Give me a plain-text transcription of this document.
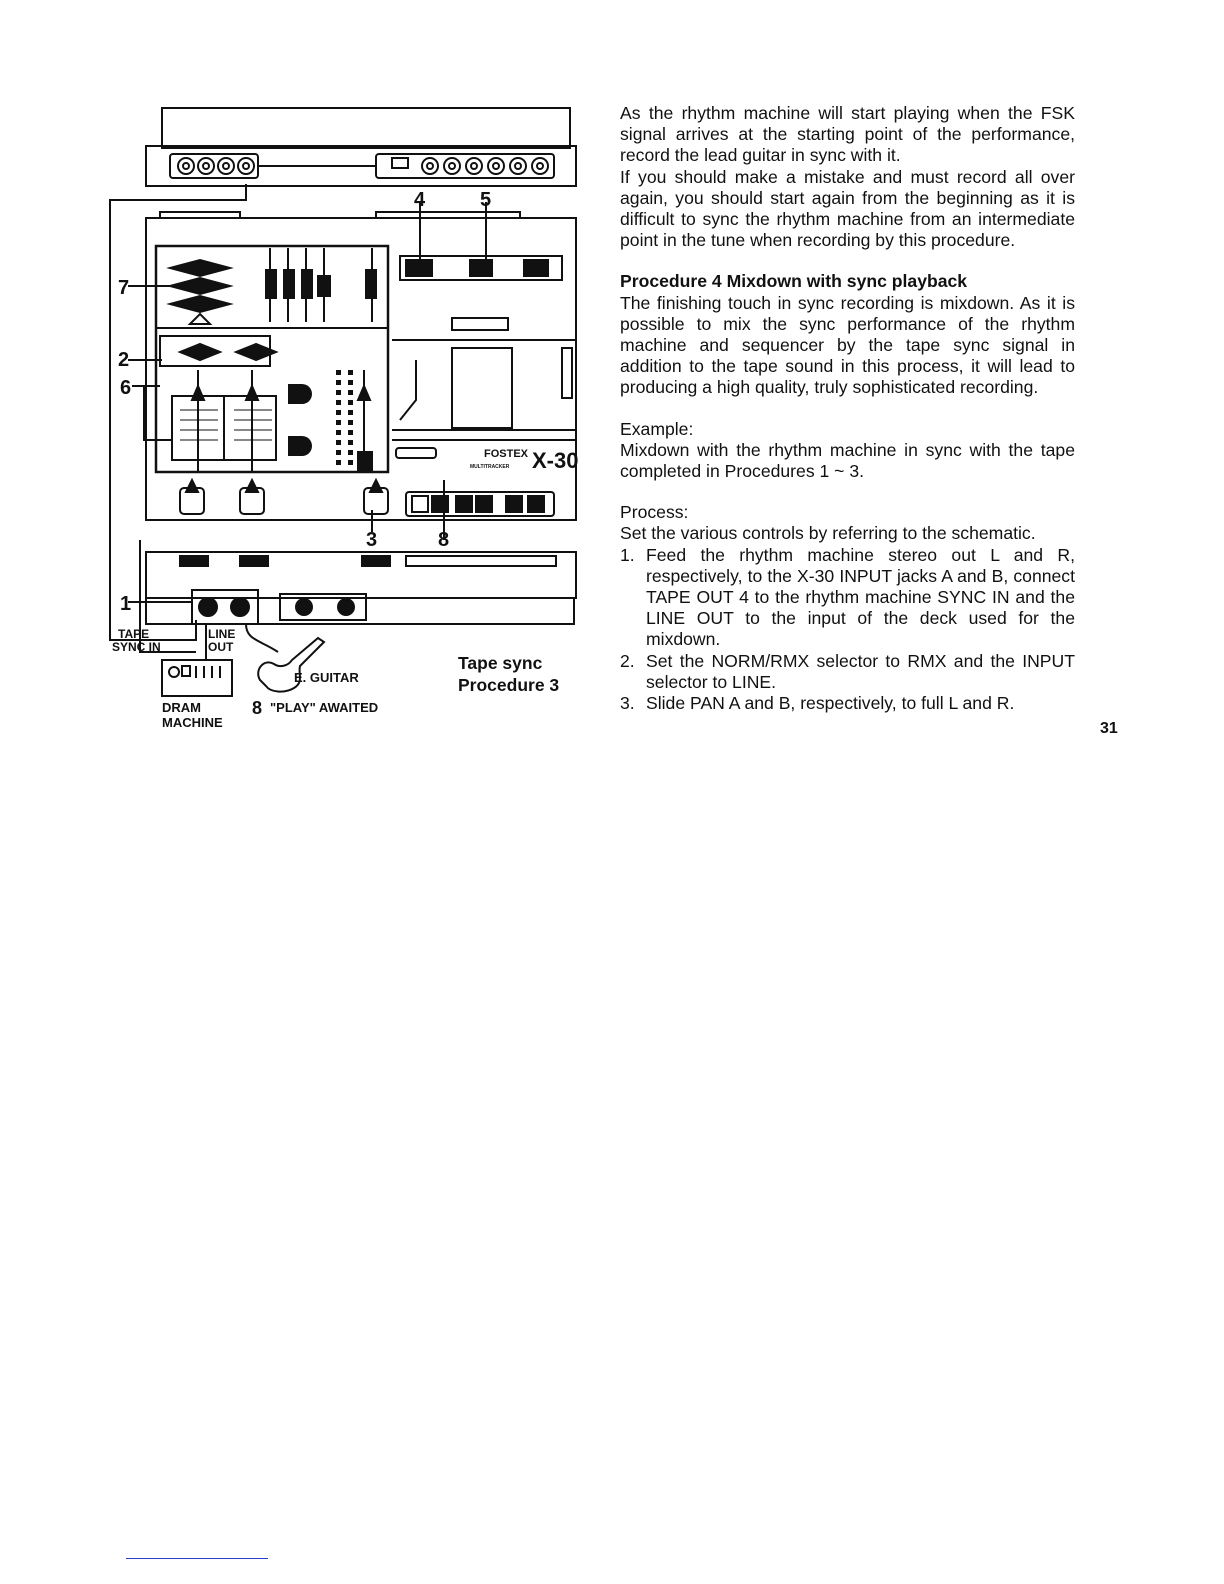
7
2
6
1
4	5
3	8
FOSTEX X-30
MULTITRACKER
TAPE
SYNC IN
LINE
OUT
DRAM
MACHINE
E. GUITAR
8 "PLAY" AWAITED
Tape sync
Procedure 3

As the rhythm machine will start playing when the FSK signal arrives at the starting point of the performance, record the lead guitar in sync with it.

If you should make a mistake and must record all over again, you should start again from the beginning as it is difficult to sync the rhythm machine from an intermediate point in the tune when recording by this procedure.

Procedure 4 Mixdown with sync playback

The finishing touch in sync recording is mixdown. As it is possible to mix the sync performance of the rhythm machine and sequencer by the tape sync signal in addition to the tape sound in this process, it will lead to producing a high quality, truly sophisticated recording.

Example:

Mixdown with the rhythm machine in sync with the tape completed in Procedures 1 ~ 3.

Process:

Set the various controls by referring to the schematic.

1. Feed the rhythm machine stereo out L and R, respectively, to the X-30 INPUT jacks A and B, connect TAPE OUT 4 to the rhythm machine SYNC IN and the LINE OUT to the input of the deck used for the mixdown.
2. Set the NORM/RMX selector to RMX and the INPUT selector to LINE.
3. Slide PAN A and B, respectively, to full L and R.
31
